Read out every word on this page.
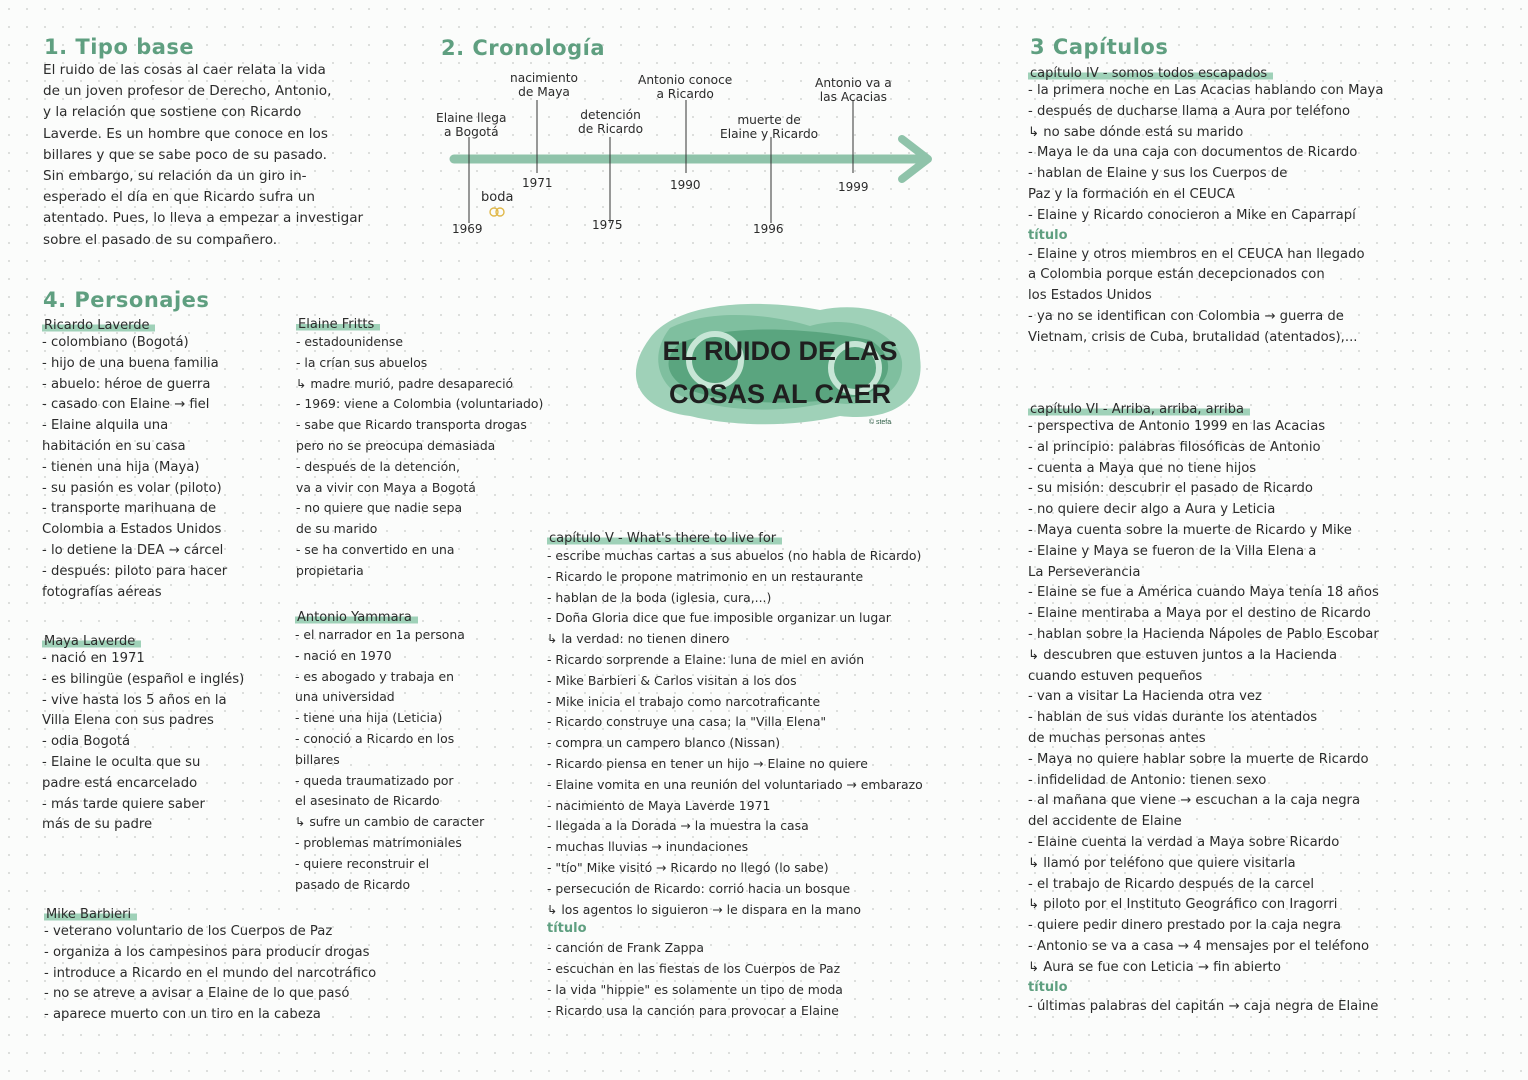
1. Tipo base

El ruido de las cosas al caer relata la vida

de un joven profesor de Derecho, Antonio,

y la relación que sostiene con Ricardo

Laverde. Es un hombre que conoce en los

billares y que se sabe poco de su pasado.

Sin embargo, su relación da un giro in-

esperado el día en que Ricardo sufra un

atentado. Pues, lo lleva a empezar a investigar

sobre el pasado de su compañero.

2. Cronología
Elaine llega
a Bogotá
nacimiento
de Maya
detención
de Ricardo
Antonio conoce
a Ricardo
muerte de
Elaine y Ricardo
Antonio va a
las Acacias
1969
1971
1975
1990
1996
1999
boda
3 Capítulos
capítulo IV - somos todos escapados
- la primera noche en Las Acacias hablando con Maya
- después de ducharse llama a Aura por teléfono
↳ no sabe dónde está su marido
- Maya le da una caja con documentos de Ricardo
- hablan de Elaine y sus los Cuerpos de
Paz y la formación en el CEUCA
- Elaine y Ricardo conocieron a Mike en Caparrapí
título
- Elaine y otros miembros en el CEUCA han llegado
a Colombia porque están decepcionados con
los Estados Unidos
- ya no se identifican con Colombia → guerra de
Vietnam, crisis de Cuba, brutalidad (atentados),...
capítulo VI - Arriba, arriba, arriba
- perspectiva de Antonio 1999 en las Acacias
- al principio: palabras filosóficas de Antonio
- cuenta a Maya que no tiene hijos
- su misión: descubrir el pasado de Ricardo
- no quiere decir algo a Aura y Leticia
- Maya cuenta sobre la muerte de Ricardo y Mike
- Elaine y Maya se fueron de la Villa Elena a
La Perseverancia
- Elaine se fue a América cuando Maya tenía 18 años
- Elaine mentiraba a Maya por el destino de Ricardo
- hablan sobre la Hacienda Nápoles de Pablo Escobar
↳ descubren que estuven juntos a la Hacienda
cuando estuven pequeños
- van a visitar La Hacienda otra vez
- hablan de sus vidas durante los atentados
de muchas personas antes
- Maya no quiere hablar sobre la muerte de Ricardo
- infidelidad de Antonio: tienen sexo
- al mañana que viene → escuchan a la caja negra
del accidente de Elaine
- Elaine cuenta la verdad a Maya sobre Ricardo
↳ llamó por teléfono que quiere visitarla
- el trabajo de Ricardo después de la carcel
↳ piloto por el Instituto Geográfico con Iragorri
- quiere pedir dinero prestado por la caja negra
- Antonio se va a casa → 4 mensajes por el teléfono
↳ Aura se fue con Leticia → fin abierto
título
- últimas palabras del capitán → caja negra de Elaine
EL RUIDO DE LAS
COSAS AL CAER
© stefa
4. Personajes
Ricardo Laverde
- colombiano (Bogotá)
- hijo de una buena familia
- abuelo: héroe de guerra
- casado con Elaine → fiel
- Elaine alquila una
habitación en su casa
- tienen una hija (Maya)
- su pasión es volar (piloto)
- transporte marihuana de
Colombia a Estados Unidos
- lo detiene la DEA → cárcel
- después: piloto para hacer
fotografías aéreas
Elaine Fritts
- estadounidense
- la crían sus abuelos
↳ madre murió, padre desapareció
- 1969: viene a Colombia (voluntariado)
- sabe que Ricardo transporta drogas
pero no se preocupa demasiada
- después de la detención,
va a vivir con Maya a Bogotá
- no quiere que nadie sepa
de su marido
- se ha convertido en una
propietaria
Maya Laverde
- nació en 1971
- es bilingüe (español e inglés)
- vive hasta los 5 años en la
Villa Elena con sus padres
- odia Bogotá
- Elaine le oculta que su
padre está encarcelado
- más tarde quiere saber
más de su padre
Antonio Yammara
- el narrador en 1a persona
- nació en 1970
- es abogado y trabaja en
una universidad
- tiene una hija (Leticia)
- conoció a Ricardo en los
billares
- queda traumatizado por
el asesinato de Ricardo
↳ sufre un cambio de caracter
- problemas matrimoniales
- quiere reconstruir el
pasado de Ricardo
Mike Barbieri
- veterano voluntario de los Cuerpos de Paz
- organiza a los campesinos para producir drogas
- introduce a Ricardo en el mundo del narcotráfico
- no se atreve a avisar a Elaine de lo que pasó
- aparece muerto con un tiro en la cabeza
capítulo V - What's there to live for
- escribe muchas cartas a sus abuelos (no habla de Ricardo)
- Ricardo le propone matrimonio en un restaurante
- hablan de la boda (iglesia, cura,...)
- Doña Gloria dice que fue imposible organizar un lugar
↳ la verdad: no tienen dinero
- Ricardo sorprende a Elaine: luna de miel en avión
- Mike Barbieri & Carlos visitan a los dos
- Mike inicia el trabajo como narcotraficante
- Ricardo construye una casa; la "Villa Elena"
- compra un campero blanco (Nissan)
- Ricardo piensa en tener un hijo → Elaine no quiere
- Elaine vomita en una reunión del voluntariado → embarazo
- nacimiento de Maya Laverde 1971
- llegada a la Dorada → la muestra la casa
- muchas lluvias → inundaciones
- "tío" Mike visitó → Ricardo no llegó (lo sabe)
- persecución de Ricardo: corrió hacia un bosque
↳ los agentos lo siguieron → le dispara en la mano
título
- canción de Frank Zappa
- escuchan en las fiestas de los Cuerpos de Paz
- la vida "hippie" es solamente un tipo de moda
- Ricardo usa la canción para provocar a Elaine
